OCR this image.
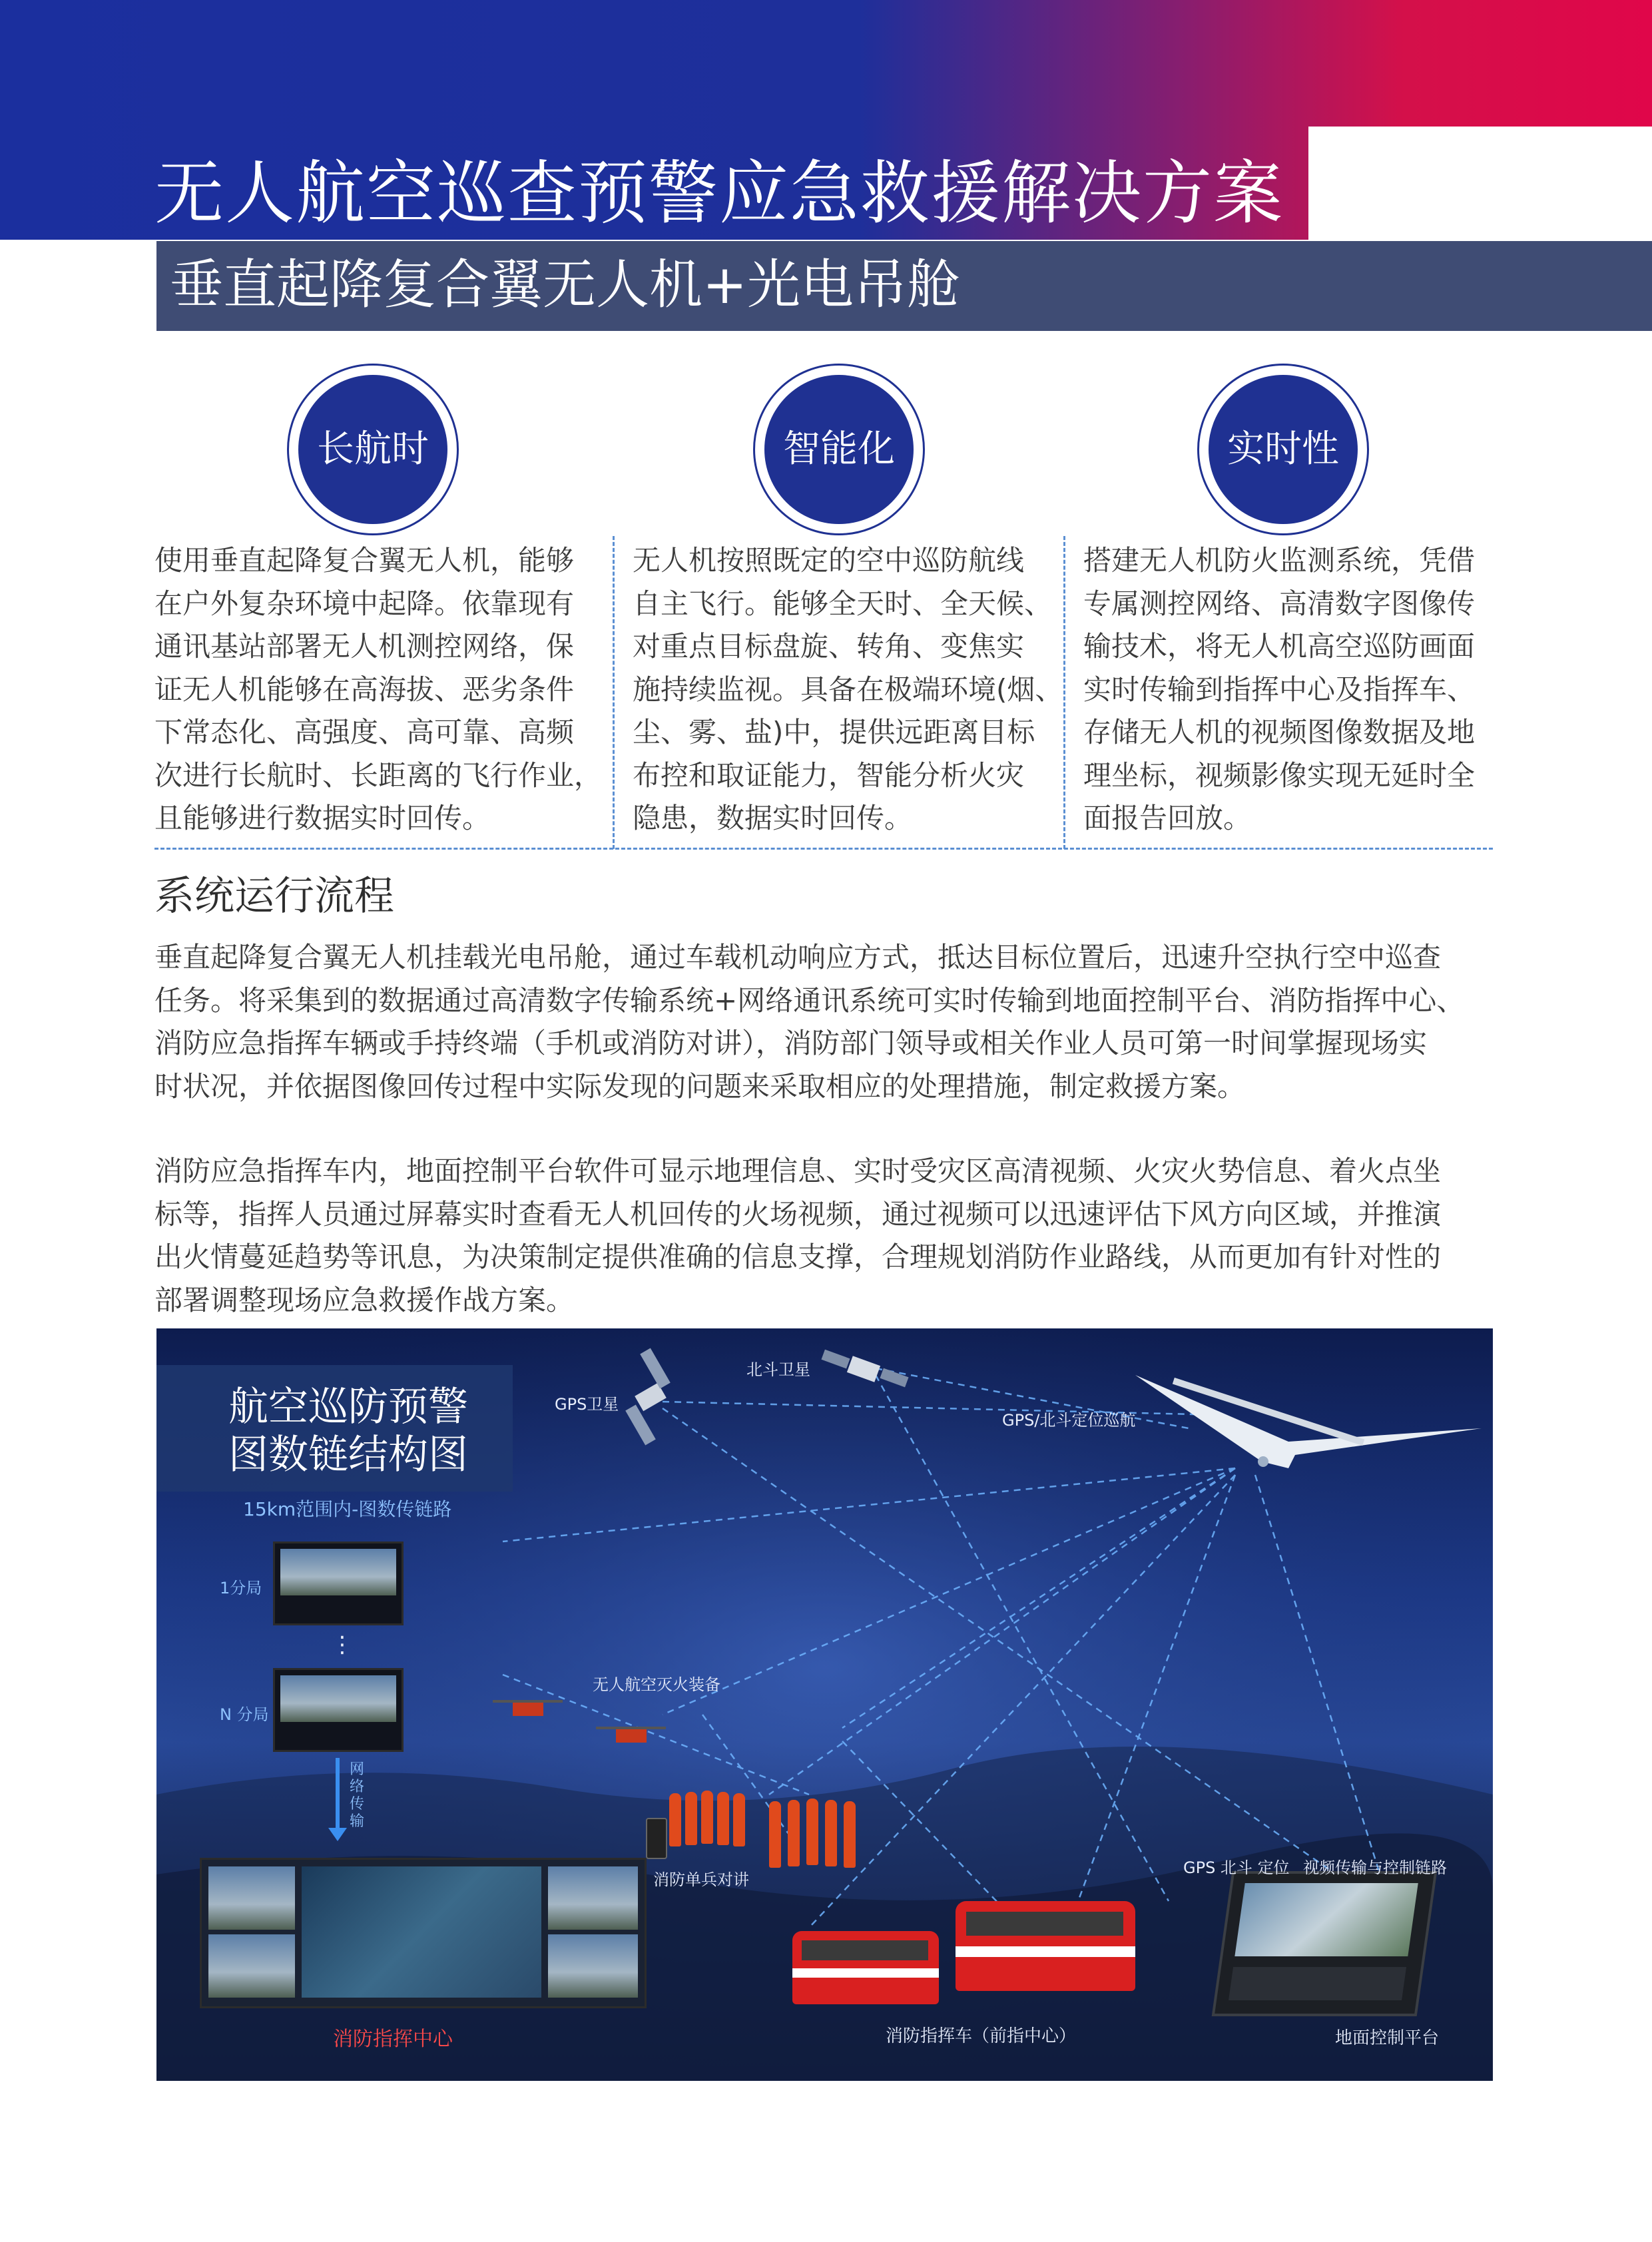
无人航空巡查预警应急救援解决方案
垂直起降复合翼无人机+光电吊舱
长航时	智能化	实时性
使用垂直起降复合翼无人机，能够
在户外复杂环境中起降。依靠现有
通讯基站部署无人机测控网络，保
证无人机能够在高海拔、恶劣条件
下常态化、高强度、高可靠、高频
次进行长航时、长距离的飞行作业，
且能够进行数据实时回传。
无人机按照既定的空中巡防航线
自主飞行。能够全天时、全天候、
对重点目标盘旋、转角、变焦实
施持续监视。具备在极端环境(烟、
尘、雾、盐)中，提供远距离目标
布控和取证能力，智能分析火灾
隐患，数据实时回传。
搭建无人机防火监测系统，凭借
专属测控网络、高清数字图像传
输技术，将无人机高空巡防画面
实时传输到指挥中心及指挥车、
存储无人机的视频图像数据及地
理坐标，视频影像实现无延时全
面报告回放。
系统运行流程
垂直起降复合翼无人机挂载光电吊舱，通过车载机动响应方式，抵达目标位置后，迅速升空执行空中巡查
任务。将采集到的数据通过高清数字传输系统+网络通讯系统可实时传输到地面控制平台、消防指挥中心、
消防应急指挥车辆或手持终端（手机或消防对讲），消防部门领导或相关作业人员可第一时间掌握现场实
时状况，并依据图像回传过程中实际发现的问题来采取相应的处理措施，制定救援方案。
消防应急指挥车内，地面控制平台软件可显示地理信息、实时受灾区高清视频、火灾火势信息、着火点坐
标等，指挥人员通过屏幕实时查看无人机回传的火场视频，通过视频可以迅速评估下风方向区域，并推演
出火情蔓延趋势等讯息，为决策制定提供准确的信息支撑，合理规划消防作业路线，从而更加有针对性的
部署调整现场应急救援作战方案。
航空巡防预警
图数链结构图
15km范围内-图数传链路
GPS卫星
北斗卫星
GPS/北斗定位巡航
1分局
⋮
N 分局
网
络
传
输
无人航空灭火装备
消防指挥中心
消防单兵对讲
消防指挥车（前指中心）
GPS 北斗 定位 视频传输与控制链路
地面控制平台
